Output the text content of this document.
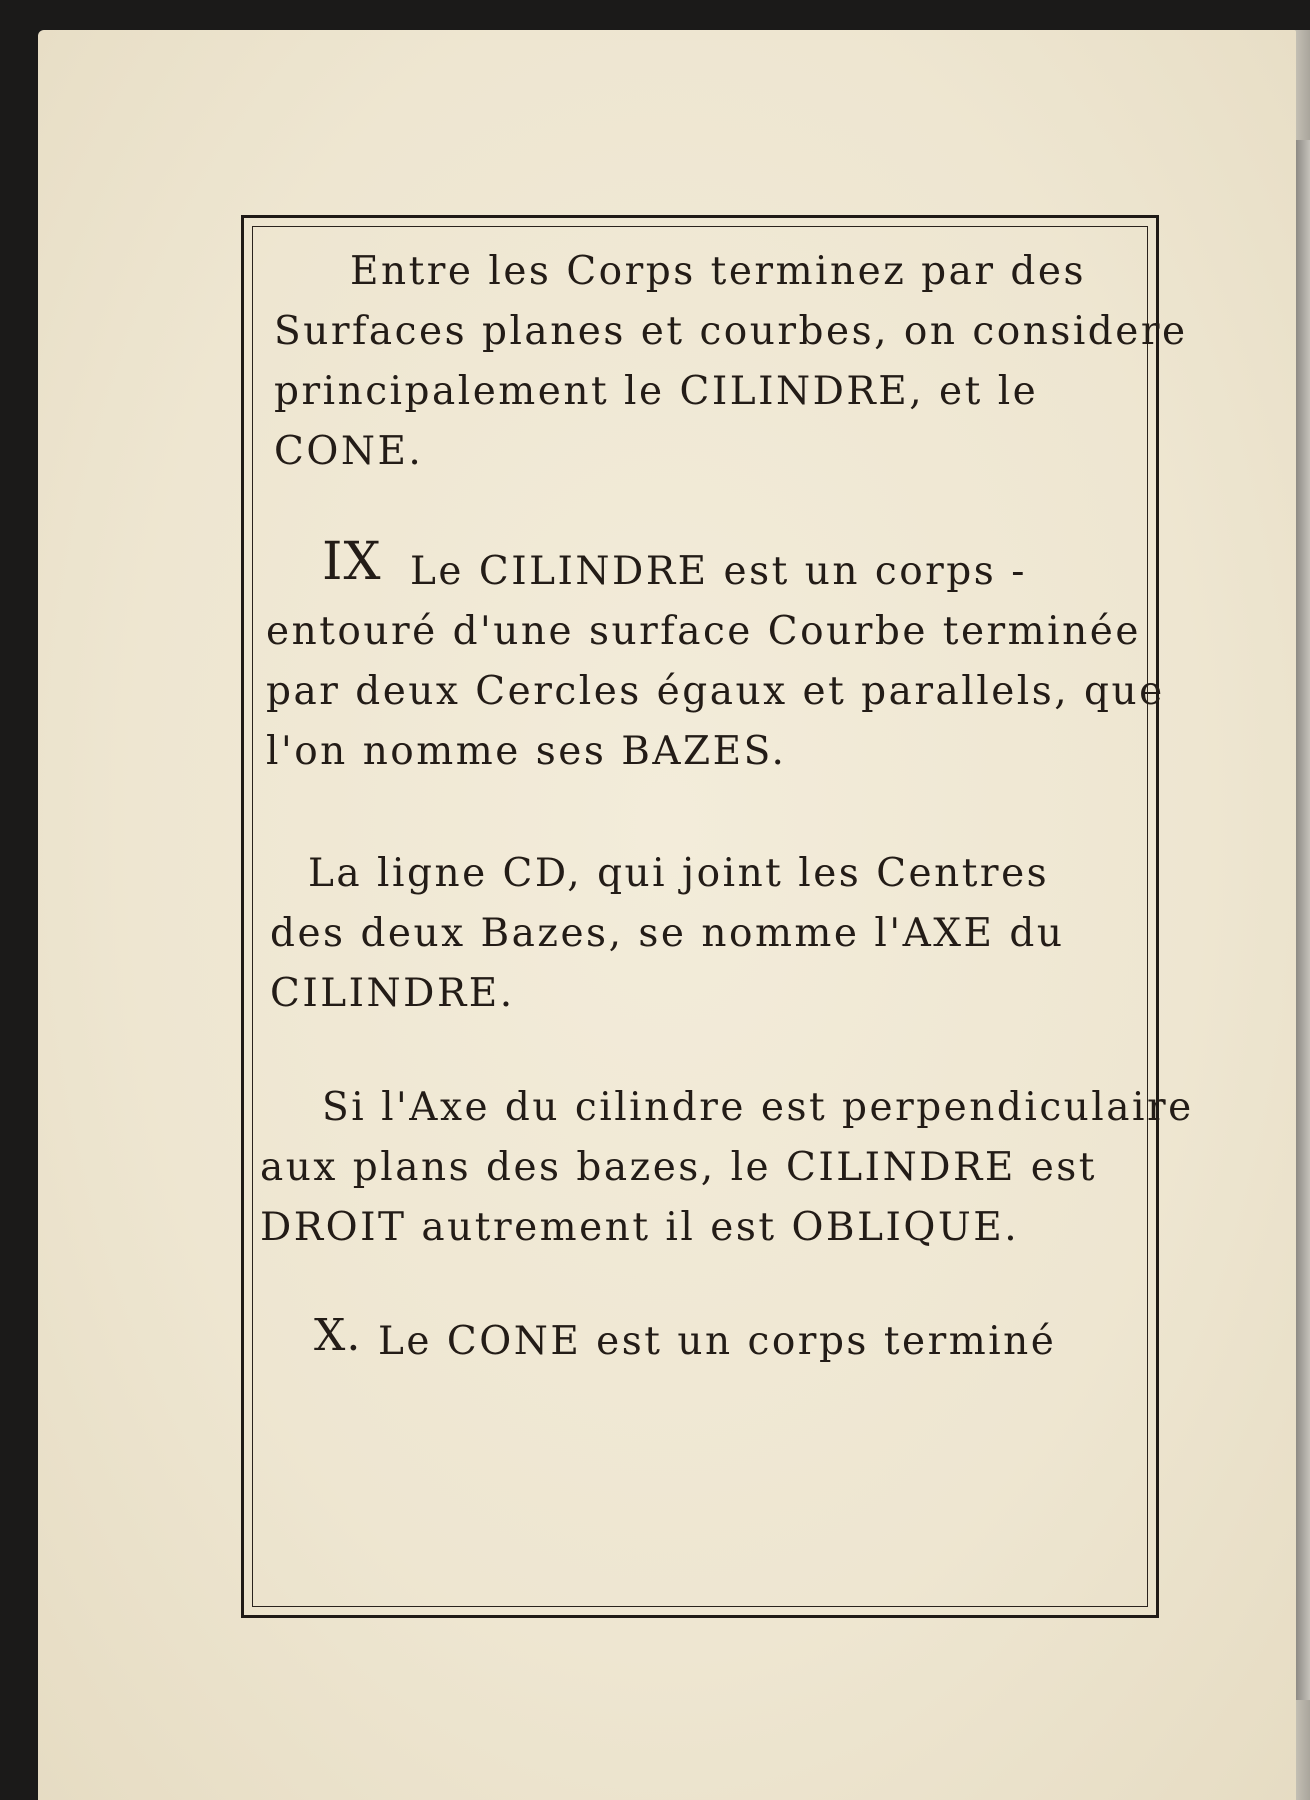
Entre les Corps terminez par des

Surfaces planes et courbes, on considere

principalement le CILINDRE, et le

CONE.

IX Le CILINDRE est un corps -

entouré d'une surface Courbe terminée

par deux Cercles égaux et parallels, que

l'on nomme ses BAZES.

La ligne CD, qui joint les Centres

des deux Bazes, se nomme l'AXE du

CILINDRE.

Si l'Axe du cilindre est perpendiculaire

aux plans des bazes, le CILINDRE est

DROIT autrement il est OBLIQUE.

X. Le CONE est un corps terminé
